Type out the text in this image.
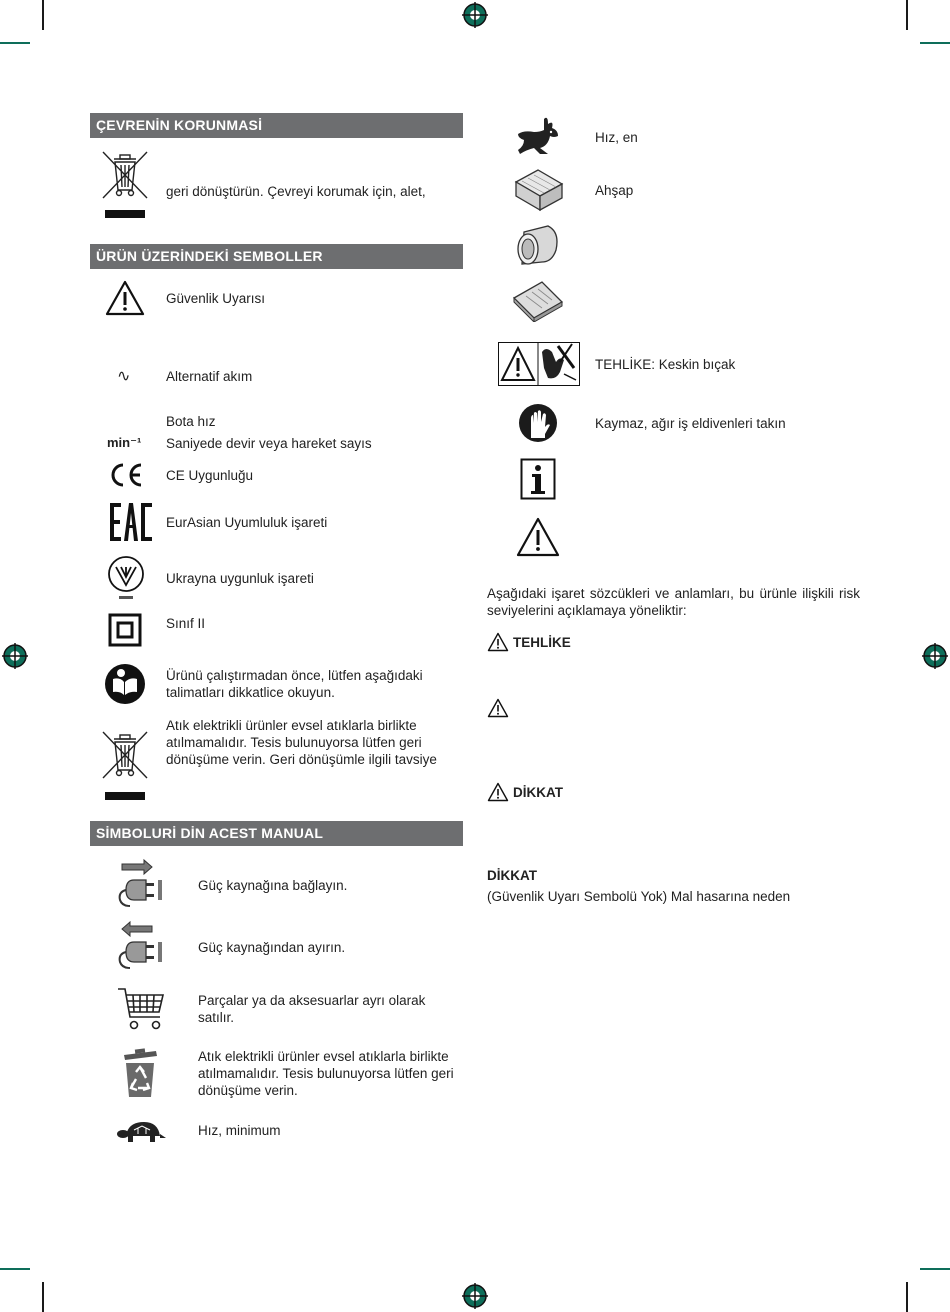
ÇEVRENİN KORUNMASİ
geri dönüştürün. Çevreyi korumak için, alet,
ÜRÜN ÜZERİNDEKİ SEMBOLLER
Güvenlik Uyarısı
∿	Alternatif akım
Bota hız
min⁻¹ Saniyede devir veya hareket sayıs
CE Uygunluğu
EurAsian Uyumluluk işareti
Ukrayna uygunluk işareti
Sınıf II
Ürünü çalıştırmadan önce, lütfen aşağıdaki talimatları dikkatlice okuyun.
Atık elektrikli ürünler evsel atıklarla birlikte atılmamalıdır. Tesis bulunuyorsa lütfen geri dönüşüme verin. Geri dönüşümle ilgili tavsiye
SİMBOLURİ DİN ACEST MANUAL
Güç kaynağına bağlayın.
Güç kaynağından ayırın.
Parçalar ya da aksesuarlar ayrı olarak satılır.
Atık elektrikli ürünler evsel atıklarla birlikte atılmamalıdır. Tesis bulunuyorsa lütfen geri dönüşüme verin.
Hız, minimum
Hız, en
Ahşap
TEHLİKE: Keskin bıçak
Kaymaz, ağır iş eldivenleri takın
Aşağıdaki işaret sözcükleri ve anlamları, bu ürünle ilişkili risk seviyelerini açıklamaya yöneliktir:
TEHLİKE
DİKKAT
DİKKAT
(Güvenlik Uyarı Sembolü Yok) Mal hasarına neden
